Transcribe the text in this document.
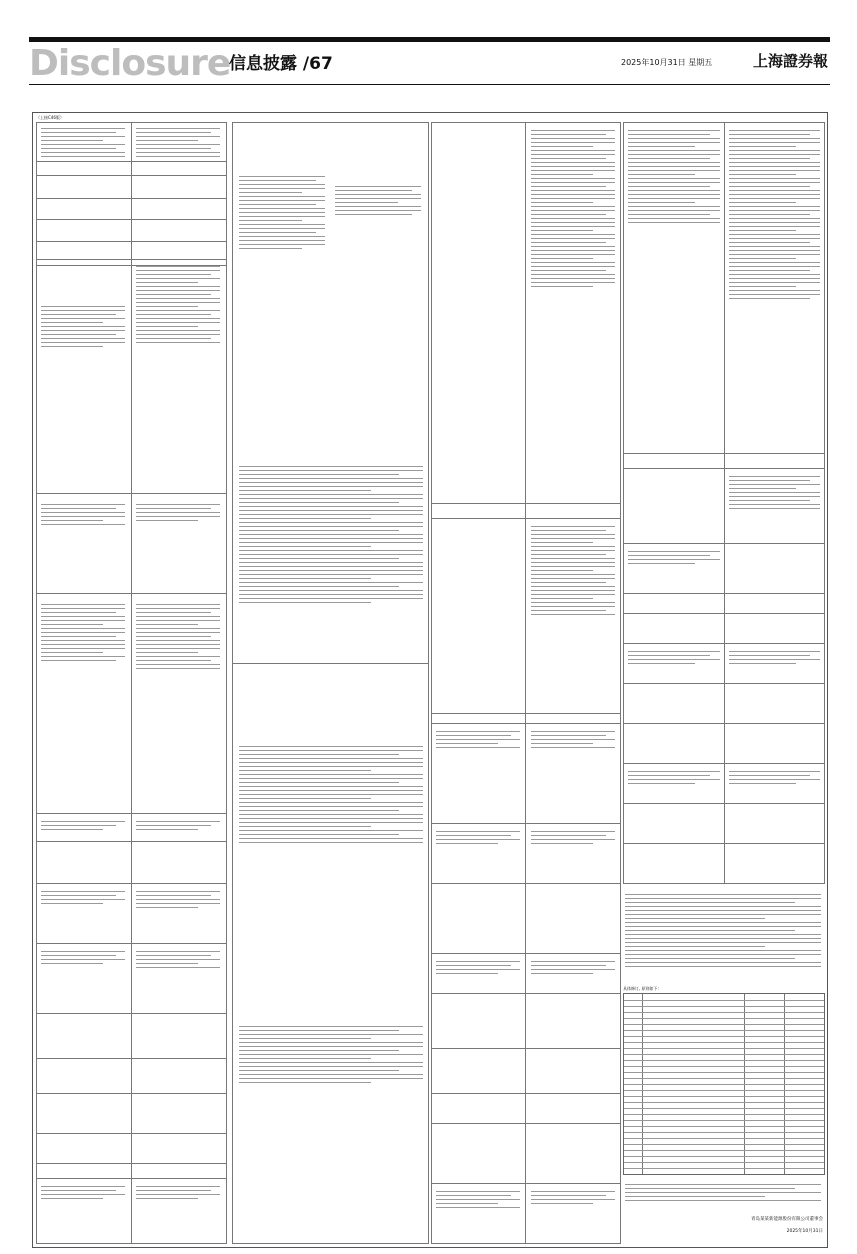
Disclosure
信息披露 /67	2025年10月31日 星期五	上海證券報
（上接C46版）
具体修订, 原则如下:
青岛某某新能源股份有限公司董事会
2025年10月31日
